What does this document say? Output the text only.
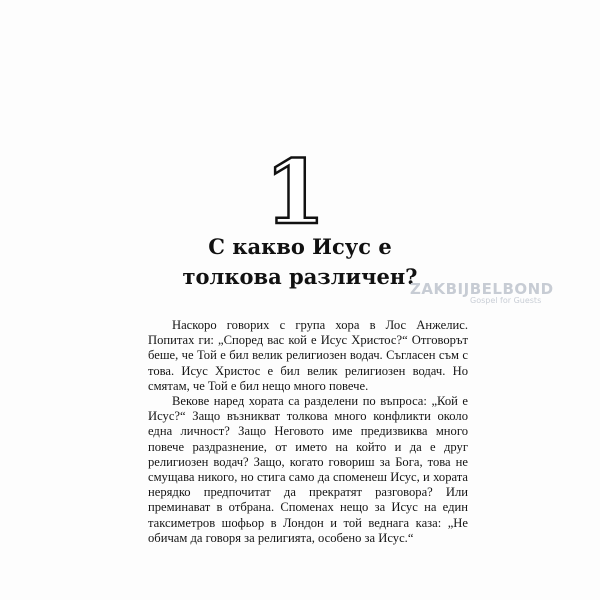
1
С какво Исус е
толкова различен?
ZAKBIJBELBOND
Gospel for Guests

Наскоро говорих с група хора в Лос Анжелис. Попитах ги: „Според вас кой е Исус Христос?“ Отговорът беше, че Той е бил велик религиозен водач. Съгласен съм с това. Исус Христос е бил велик религиозен водач. Но смятам, че Той е бил нещо много повече.

Векове наред хората са разделени по въпроса: „Кой е Исус?“ Защо възникват толкова много конфликти около една личност? Защо Неговото име предизвиква много повече раздразнение, от името на който и да е друг религиозен водач? Защо, когато говориш за Бога, това не смущава никого, но стига само да споменеш Исус, и хората нерядко предпочитат да прекратят разговора? Или преминават в отбрана. Споменах нещо за Исус на един таксиметров шофьор в Лондон и той веднага каза: „Не обичам да говоря за религията, особено за Исус.“
